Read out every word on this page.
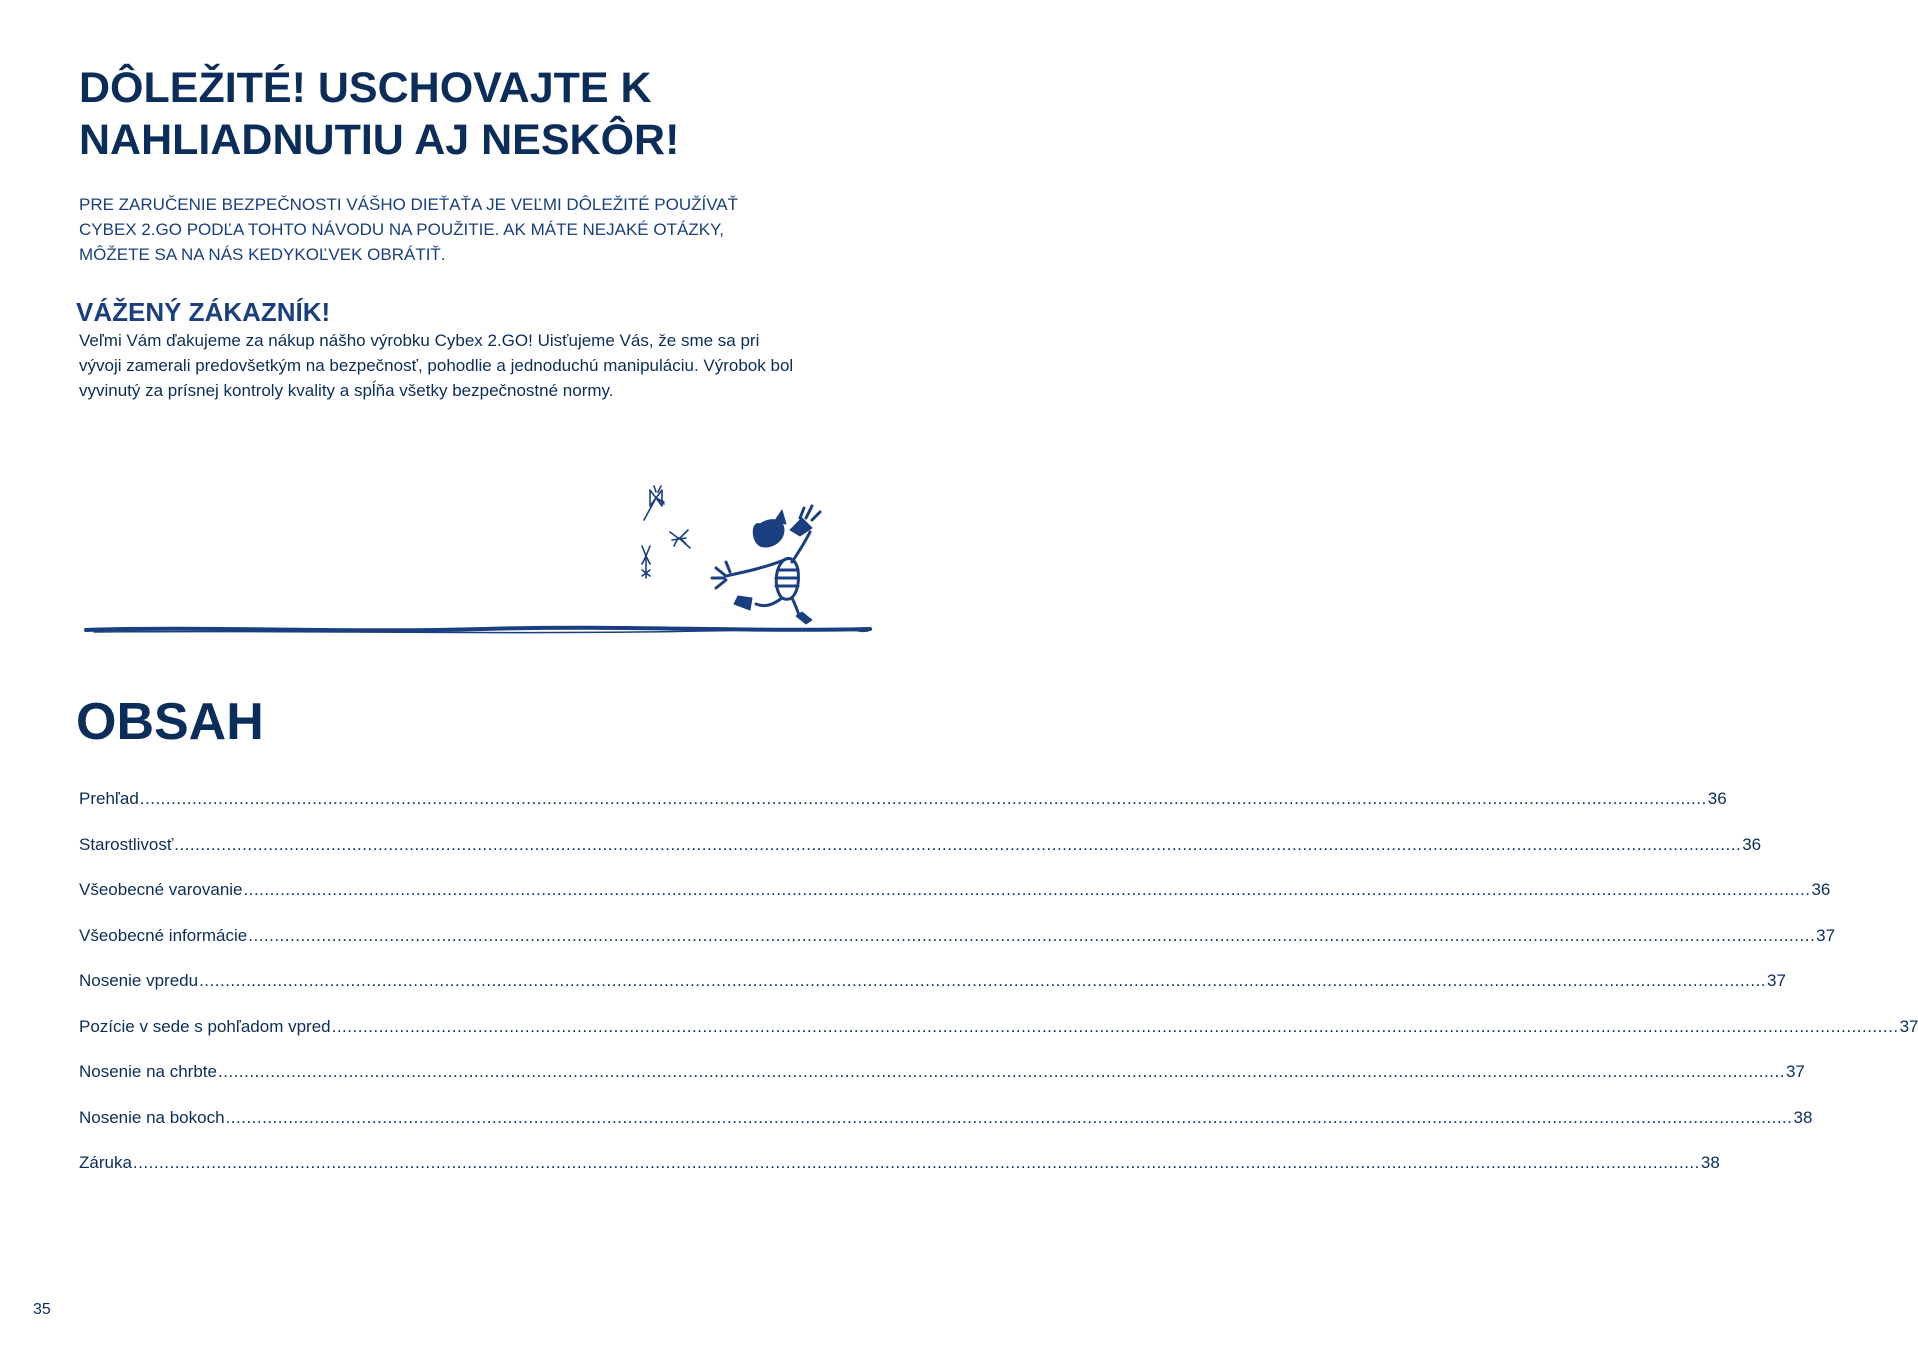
DÔLEŽITÉ! USCHOVAJTE K
NAHLIADNUTIU AJ NESKÔR!

PRE ZARUČENIE BEZPEČNOSTI VÁŠHO DIEŤAŤA JE VEĽMI DÔLEŽITÉ POUŽÍVAŤ
CYBEX 2.GO PODĽA TOHTO NÁVODU NA POUŽITIE. AK MÁTE NEJAKÉ OTÁZKY,
MÔŽETE SA NA NÁS KEDYKOĽVEK OBRÁTIŤ.

VÁŽENÝ ZÁKAZNÍK!

Veľmi Vám ďakujeme za nákup nášho výrobku Cybex 2.GO! Uisťujeme Vás, že sme sa pri
vývoji zamerali predovšetkým na bezpečnosť, pohodlie a jednoduchú manipuláciu. Výrobok bol
vyvinutý za prísnej kontroly kvality a spĺňa všetky bezpečnostné normy.

OBSAH
Prehľad ............................................................................................................................................................................................................................................................................................................ 36
Starostlivosť ............................................................................................................................................................................................................................................................................................................ 36
Všeobecné varovanie ............................................................................................................................................................................................................................................................................................................ 36
Všeobecné informácie ............................................................................................................................................................................................................................................................................................................ 37
Nosenie vpredu ............................................................................................................................................................................................................................................................................................................ 37
Pozície v sede s pohľadom vpred ............................................................................................................................................................................................................................................................................................................ 37
Nosenie na chrbte ............................................................................................................................................................................................................................................................................................................ 37
Nosenie na bokoch ............................................................................................................................................................................................................................................................................................................ 38
Záruka ............................................................................................................................................................................................................................................................................................................ 38
35
